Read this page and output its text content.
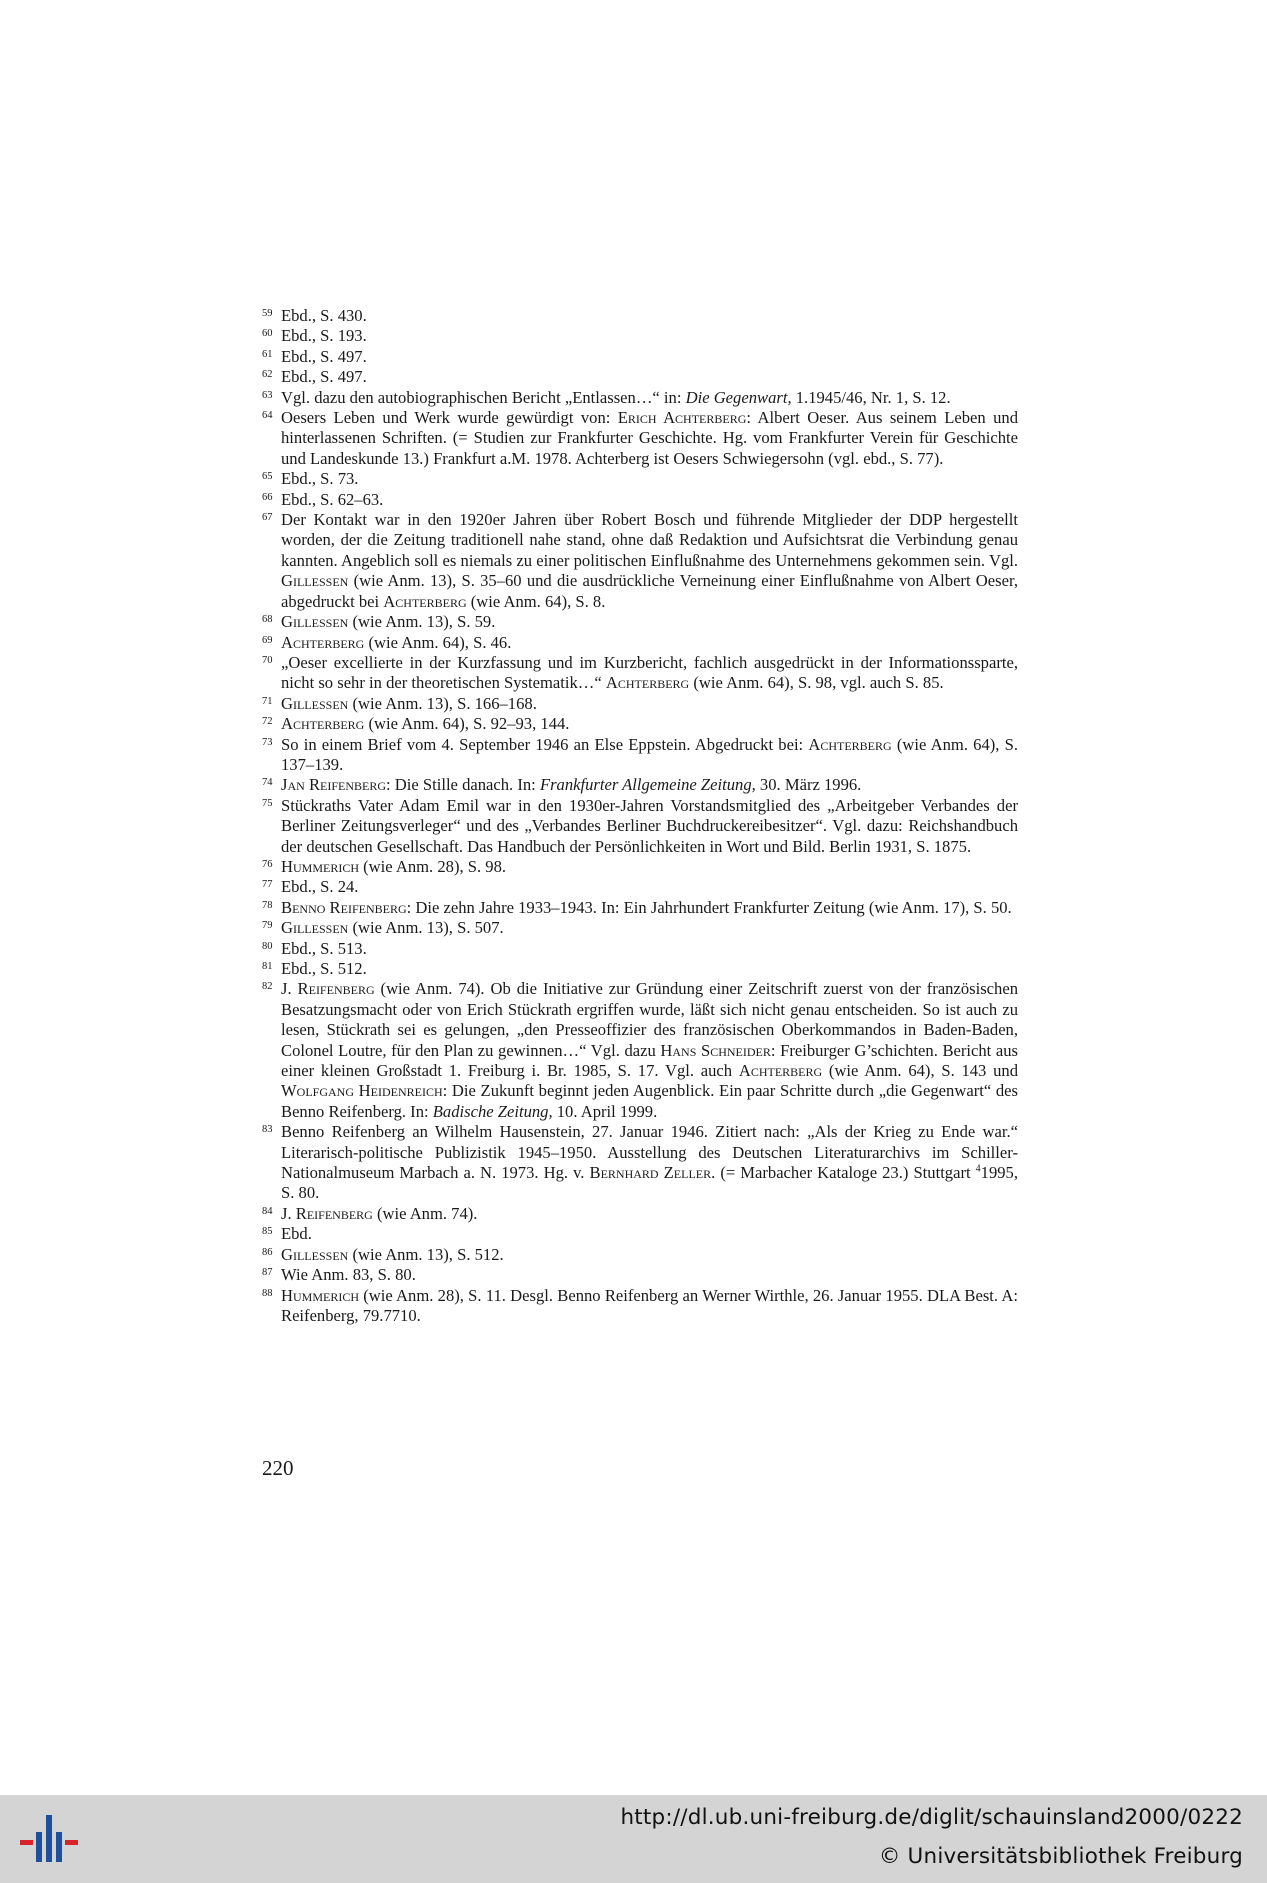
59 Ebd., S. 430.
60 Ebd., S. 193.
61 Ebd., S. 497.
62 Ebd., S. 497.
63 Vgl. dazu den autobiographischen Bericht „Entlassen…“ in: Die Gegenwart, 1.1945/46, Nr. 1, S. 12.
64 Oesers Leben und Werk wurde gewürdigt von: Erich Achterberg: Albert Oeser. Aus seinem Leben und hinterlassenen Schriften. (= Studien zur Frankfurter Geschichte. Hg. vom Frankfurter Verein für Geschichte und Landeskunde 13.) Frankfurt a.M. 1978. Achterberg ist Oesers Schwiegersohn (vgl. ebd., S. 77).
65 Ebd., S. 73.
66 Ebd., S. 62–63.
67 Der Kontakt war in den 1920er Jahren über Robert Bosch und führende Mitglieder der DDP hergestellt worden, der die Zeitung traditionell nahe stand, ohne daß Redaktion und Aufsichtsrat die Verbindung genau kannten. Angeblich soll es niemals zu einer politischen Einflußnahme des Unternehmens gekommen sein. Vgl. Gillessen (wie Anm. 13), S. 35–60 und die ausdrückliche Verneinung einer Einflußnahme von Albert Oeser, abgedruckt bei Achterberg (wie Anm. 64), S. 8.
68 Gillessen (wie Anm. 13), S. 59.
69 Achterberg (wie Anm. 64), S. 46.
70 „Oeser excellierte in der Kurzfassung und im Kurzbericht, fachlich ausgedrückt in der Informationssparte, nicht so sehr in der theoretischen Systematik…“ Achterberg (wie Anm. 64), S. 98, vgl. auch S. 85.
71 Gillessen (wie Anm. 13), S. 166–168.
72 Achterberg (wie Anm. 64), S. 92–93, 144.
73 So in einem Brief vom 4. September 1946 an Else Eppstein. Abgedruckt bei: Achterberg (wie Anm. 64), S. 137–139.
74 Jan Reifenberg: Die Stille danach. In: Frankfurter Allgemeine Zeitung, 30. März 1996.
75 Stückraths Vater Adam Emil war in den 1930er-Jahren Vorstandsmitglied des „Arbeitgeber Verbandes der Berliner Zeitungsverleger“ und des „Verbandes Berliner Buchdruckereibesitzer“. Vgl. dazu: Reichshandbuch der deutschen Gesellschaft. Das Handbuch der Persönlichkeiten in Wort und Bild. Berlin 1931, S. 1875.
76 Hummerich (wie Anm. 28), S. 98.
77 Ebd., S. 24.
78 Benno Reifenberg: Die zehn Jahre 1933–1943. In: Ein Jahrhundert Frankfurter Zeitung (wie Anm. 17), S. 50.
79 Gillessen (wie Anm. 13), S. 507.
80 Ebd., S. 513.
81 Ebd., S. 512.
82 J. Reifenberg (wie Anm. 74). Ob die Initiative zur Gründung einer Zeitschrift zuerst von der französischen Besatzungsmacht oder von Erich Stückrath ergriffen wurde, läßt sich nicht genau entscheiden. So ist auch zu lesen, Stückrath sei es gelungen, „den Presseoffizier des französischen Oberkommandos in Baden-Baden, Colonel Loutre, für den Plan zu gewinnen…“ Vgl. dazu Hans Schneider: Freiburger G’schichten. Bericht aus einer kleinen Großstadt 1. Freiburg i. Br. 1985, S. 17. Vgl. auch Achterberg (wie Anm. 64), S. 143 und Wolfgang Heidenreich: Die Zukunft beginnt jeden Augenblick. Ein paar Schritte durch „die Gegenwart“ des Benno Reifenberg. In: Badische Zeitung, 10. April 1999.
83 Benno Reifenberg an Wilhelm Hausenstein, 27. Januar 1946. Zitiert nach: „Als der Krieg zu Ende war.“ Literarisch-politische Publizistik 1945–1950. Ausstellung des Deutschen Literaturarchivs im Schiller-Nationalmuseum Marbach a. N. 1973. Hg. v. Bernhard Zeller. (= Marbacher Kataloge 23.) Stuttgart $^4$1995, S. 80.
84 J. Reifenberg (wie Anm. 74).
85 Ebd.
86 Gillessen (wie Anm. 13), S. 512.
87 Wie Anm. 83, S. 80.
88 Hummerich (wie Anm. 28), S. 11. Desgl. Benno Reifenberg an Werner Wirthle, 26. Januar 1955. DLA Best. A: Reifenberg, 79.7710.
220
http://dl.ub.uni-freiburg.de/diglit/schauinsland2000/0222
© Universitätsbibliothek Freiburg
